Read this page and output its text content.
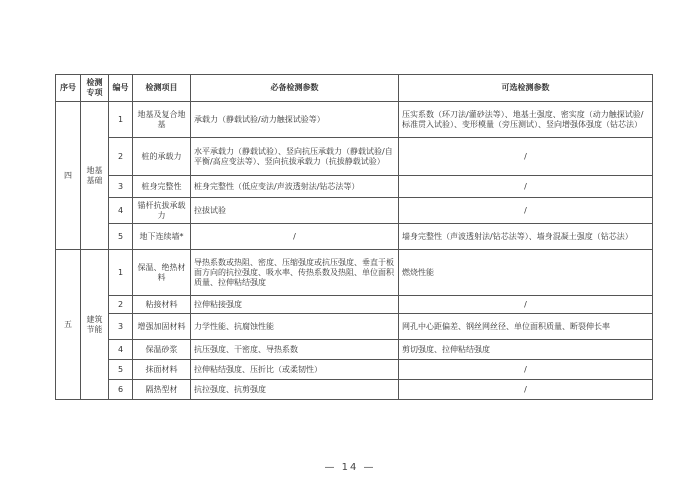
序号	检测专项	编号	检测项目	必备检测参数	可选检测参数
四	地基基础	1	地基及复合地基	承载力（静载试验/动力触探试验等）	压实系数（环刀法/灌砂法等）、地基土强度、密实度（动力触探试验/标准贯入试验）、变形模量（旁压测试）、竖向增强体强度（钻芯法）
		2	桩的承载力	水平承载力（静载试验）、竖向抗压承载力（静载试验/自平衡/高应变法等）、竖向抗拔承载力（抗拔静载试验）	/
		3	桩身完整性	桩身完整性（低应变法/声波透射法/钻芯法等）	/
		4	锚杆抗拔承载力	拉拔试验	/
		5	地下连续墙*	/	墙身完整性（声波透射法/钻芯法等）、墙身混凝土强度（钻芯法）
五	建筑节能	1	保温、绝热材料	导热系数或热阻、密度、压缩强度或抗压强度、垂直于板面方向的抗拉强度、吸水率、传热系数及热阻、单位面积质量、拉伸粘结强度	燃烧性能
		2	粘接材料	拉伸粘接强度	/
		3	增强加固材料	力学性能、抗腐蚀性能	网孔中心距偏差、钢丝网丝径、单位面积质量、断裂伸长率
		4	保温砂浆	抗压强度、干密度、导热系数	剪切强度、拉伸粘结强度
		5	抹面材料	拉伸粘结强度、压折比（或柔韧性）	/
		6	隔热型材	抗拉强度、抗剪强度	/
— 14 —
